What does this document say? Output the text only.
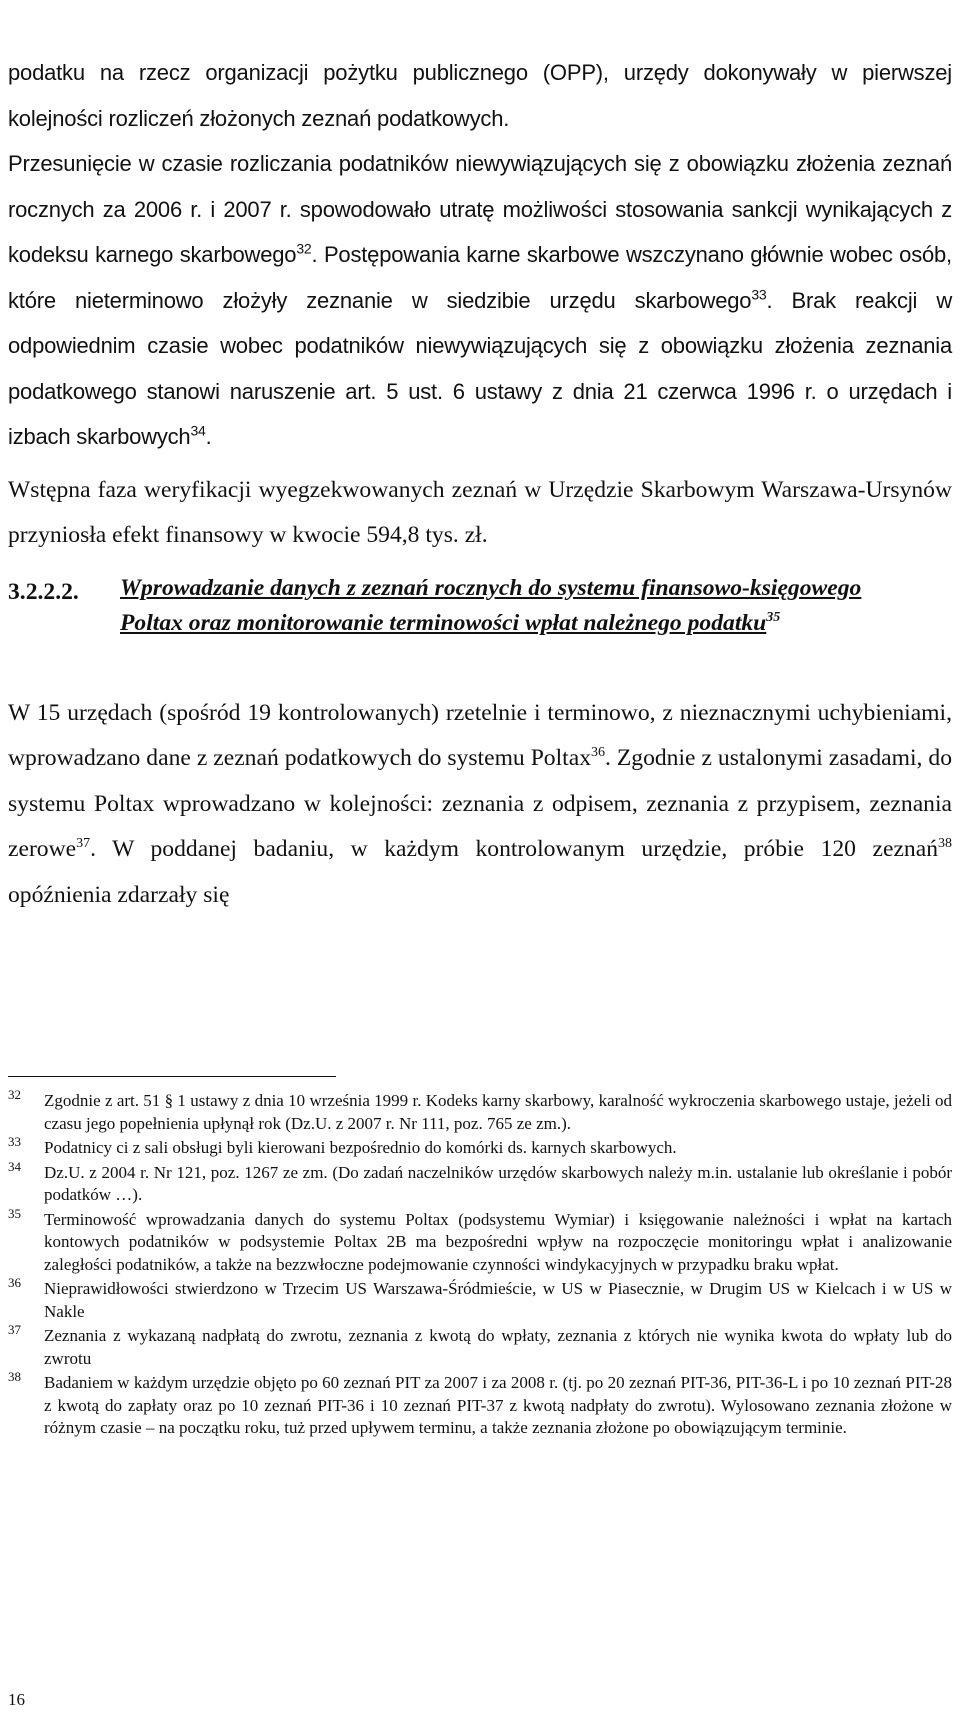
podatku na rzecz organizacji pożytku publicznego (OPP), urzędy dokonywały w pierwszej kolejności rozliczeń złożonych zeznań podatkowych.

Przesunięcie w czasie rozliczania podatników niewywiązujących się z obowiązku złożenia zeznań rocznych za 2006 r. i 2007 r. spowodowało utratę możliwości stosowania sankcji wynikających z kodeksu karnego skarbowego$^{32}$. Postępowania karne skarbowe wszczynano głównie wobec osób, które nieterminowo złożyły zeznanie w siedzibie urzędu skarbowego$^{33}$. Brak reakcji w odpowiednim czasie wobec podatników niewywiązujących się z obowiązku złożenia zeznania podatkowego stanowi naruszenie art. 5 ust. 6 ustawy z dnia 21 czerwca 1996 r. o urzędach i izbach skarbowych$^{34}$.

Wstępna faza weryfikacji wyegzekwowanych zeznań w Urzędzie Skarbowym Warszawa-Ursynów przyniosła efekt finansowy w kwocie 594,8 tys. zł.

3.2.2.2. Wprowadzanie danych z zeznań rocznych do systemu finansowo-księgowego Poltax oraz monitorowanie terminowości wpłat należnego podatku$^{35}$

W 15 urzędach (spośród 19 kontrolowanych) rzetelnie i terminowo, z nieznacznymi uchybieniami, wprowadzano dane z zeznań podatkowych do systemu Poltax$^{36}$. Zgodnie z ustalonymi zasadami, do systemu Poltax wprowadzano w kolejności: zeznania z odpisem, zeznania z przypisem, zeznania zerowe$^{37}$. W poddanej badaniu, w każdym kontrolowanym urzędzie, próbie 120 zeznań$^{38}$ opóźnienia zdarzały się

32 Zgodnie z art. 51 § 1 ustawy z dnia 10 września 1999 r. Kodeks karny skarbowy, karalność wykroczenia skarbowego ustaje, jeżeli od czasu jego popełnienia upłynął rok (Dz.U. z 2007 r. Nr 111, poz. 765 ze zm.).
33 Podatnicy ci z sali obsługi byli kierowani bezpośrednio do komórki ds. karnych skarbowych.
34 Dz.U. z 2004 r. Nr 121, poz. 1267 ze zm. (Do zadań naczelników urzędów skarbowych należy m.in. ustalanie lub określanie i pobór podatków …).
35 Terminowość wprowadzania danych do systemu Poltax (podsystemu Wymiar) i księgowanie należności i wpłat na kartach kontowych podatników w podsystemie Poltax 2B ma bezpośredni wpływ na rozpoczęcie monitoringu wpłat i analizowanie zaległości podatników, a także na bezzwłoczne podejmowanie czynności windykacyjnych w przypadku braku wpłat.
36 Nieprawidłowości stwierdzono w Trzecim US Warszawa-Śródmieście, w US w Piasecznie, w Drugim US w Kielcach i w US w Nakle
37 Zeznania z wykazaną nadpłatą do zwrotu, zeznania z kwotą do wpłaty, zeznania z których nie wynika kwota do wpłaty lub do zwrotu
38 Badaniem w każdym urzędzie objęto po 60 zeznań PIT za 2007 i za 2008 r. (tj. po 20 zeznań PIT-36, PIT-36-L i po 10 zeznań PIT-28 z kwotą do zapłaty oraz po 10 zeznań PIT-36 i 10 zeznań PIT-37 z kwotą nadpłaty do zwrotu). Wylosowano zeznania złożone w różnym czasie – na początku roku, tuż przed upływem terminu, a także zeznania złożone po obowiązującym terminie.
16
